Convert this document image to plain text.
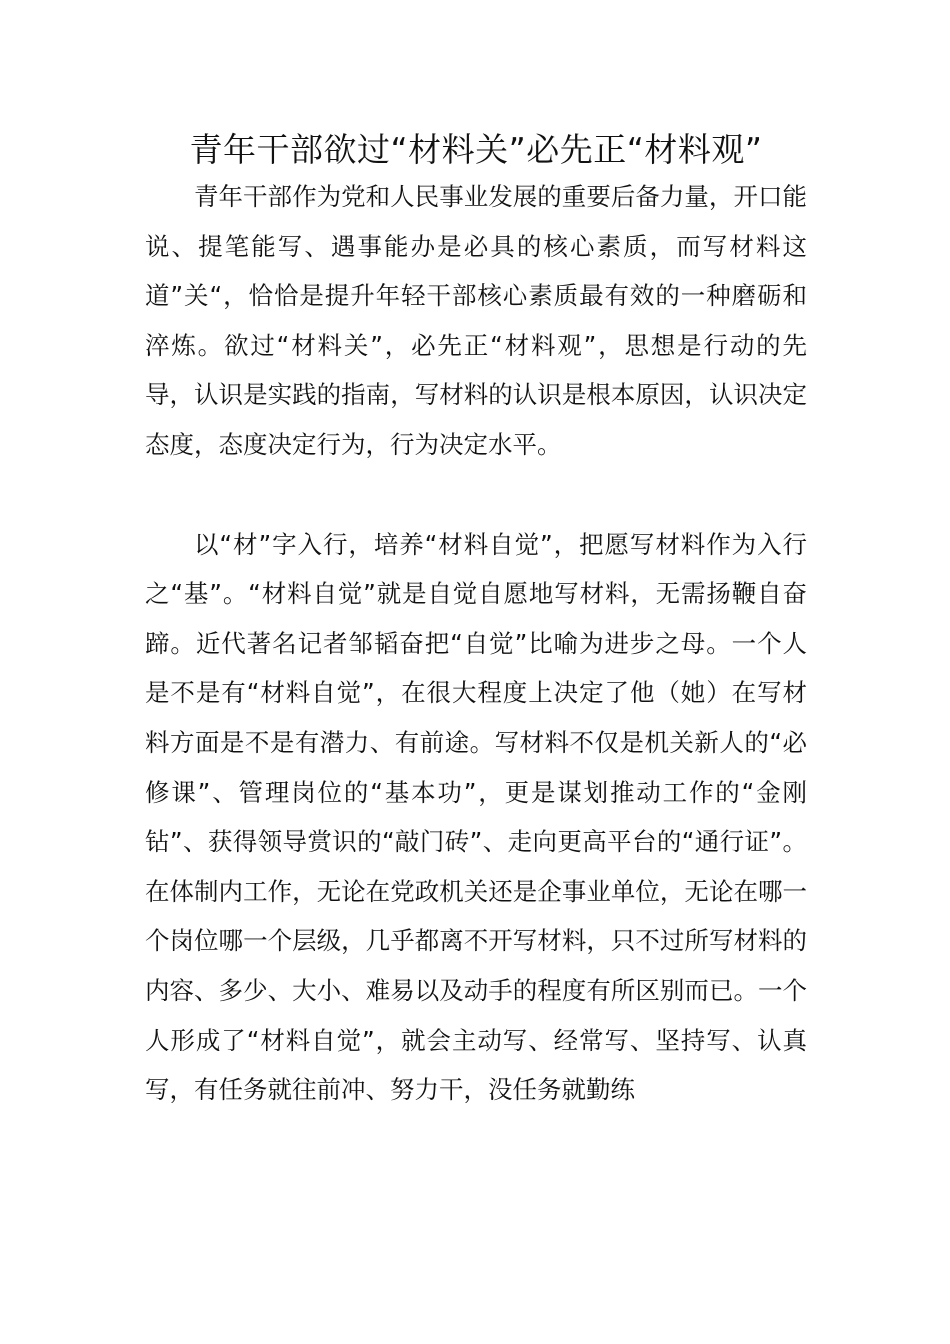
青年干部欲过“材料关”必先正“材料观”

青年干部作为党和人民事业发展的重要后备力量，开口能说、提笔能写、遇事能办是必具的核心素质，而写材料这道”关“，恰恰是提升年轻干部核心素质最有效的一种磨砺和淬炼。欲过“材料关”，必先正“材料观”，思想是行动的先导，认识是实践的指南，写材料的认识是根本原因，认识决定态度，态度决定行为，行为决定水平。

以“材”字入行，培养“材料自觉”，把愿写材料作为入行之“基”。“材料自觉”就是自觉自愿地写材料，无需扬鞭自奋蹄。近代著名记者邹韬奋把“自觉”比喻为进步之母。一个人是不是有“材料自觉”，在很大程度上决定了他（她）在写材料方面是不是有潜力、有前途。写材料不仅是机关新人的“必修课”、管理岗位的“基本功”，更是谋划推动工作的“金刚钻”、获得领导赏识的“敲门砖”、走向更高平台的“通行证”。在体制内工作，无论在党政机关还是企事业单位，无论在哪一个岗位哪一个层级，几乎都离不开写材料，只不过所写材料的内容、多少、大小、难易以及动手的程度有所区别而已。一个人形成了“材料自觉”，就会主动写、经常写、坚持写、认真写，有任务就往前冲、努力干，没任务就勤练
